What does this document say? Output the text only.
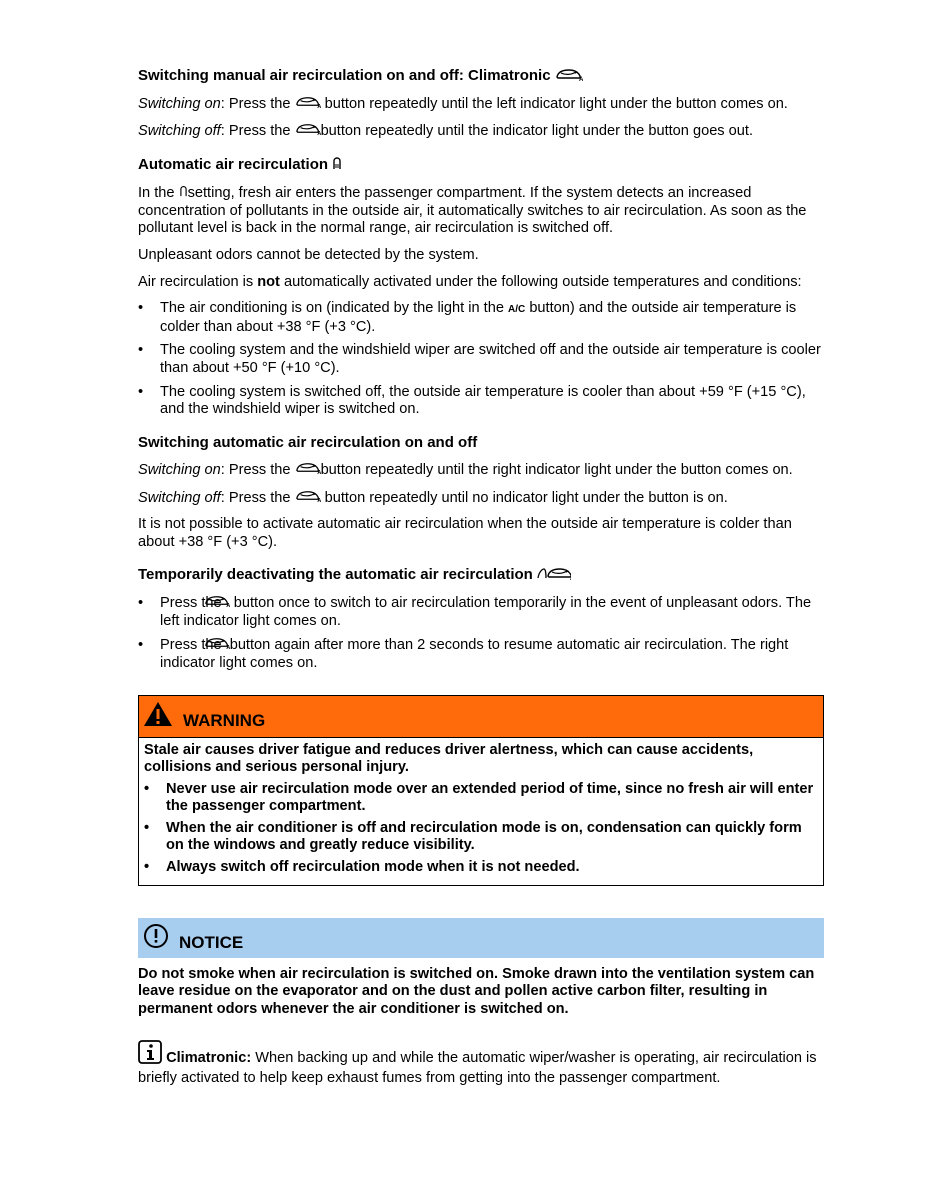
Switching manual air recirculation on and off: Climatronic

Switching on: Press the  button repeatedly until the left indicator light under the button comes on.

Switching off: Press the button repeatedly until the indicator light under the button goes out.

Automatic air recirculation

In the setting, fresh air enters the passenger compartment. If the system detects an increased concentration of pollutants in the outside air, it automatically switches to air recirculation. As soon as the pollutant level is back in the normal range, air recirculation is switched off.

Unpleasant odors cannot be detected by the system.

Air recirculation is not automatically activated under the following outside temperatures and conditions:

• The air conditioning is on (indicated by the light in the A/C button) and the outside air temperature is colder than about +38 °F (+3 °C).
• The cooling system and the windshield wiper are switched off and the outside air temperature is cooler than about +50 °F (+10 °C).
• The cooling system is switched off, the outside air temperature is cooler than about +59 °F (+15 °C), and the windshield wiper is switched on.
Switching automatic air recirculation on and off

Switching on: Press the button repeatedly until the right indicator light under the button comes on.

Switching off: Press the  button repeatedly until no indicator light under the button is on.

It is not possible to activate automatic air recirculation when the outside air temperature is colder than about +38 °F (+3 °C).

Temporarily deactivating the automatic air recirculation
• Press the  button once to switch to air recirculation temporarily in the event of unpleasant odors. The left indicator light comes on.
• Press the button again after more than 2 seconds to resume automatic air recirculation. The right indicator light comes on.
WARNING

Stale air causes driver fatigue and reduces driver alertness, which can cause accidents, collisions and serious personal injury.

• Never use air recirculation mode over an extended period of time, since no fresh air will enter the passenger compartment.
• When the air conditioner is off and recirculation mode is on, condensation can quickly form on the windows and greatly reduce visibility.
• Always switch off recirculation mode when it is not needed.
NOTICE
Do not smoke when air recirculation is switched on. Smoke drawn into the ventilation system can leave residue on the evaporator and on the dust and pollen active carbon filter, resulting in permanent odors whenever the air conditioner is switched on.
Climatronic: When backing up and while the automatic wiper/washer is operating, air recirculation is briefly activated to help keep exhaust fumes from getting into the passenger compartment.
